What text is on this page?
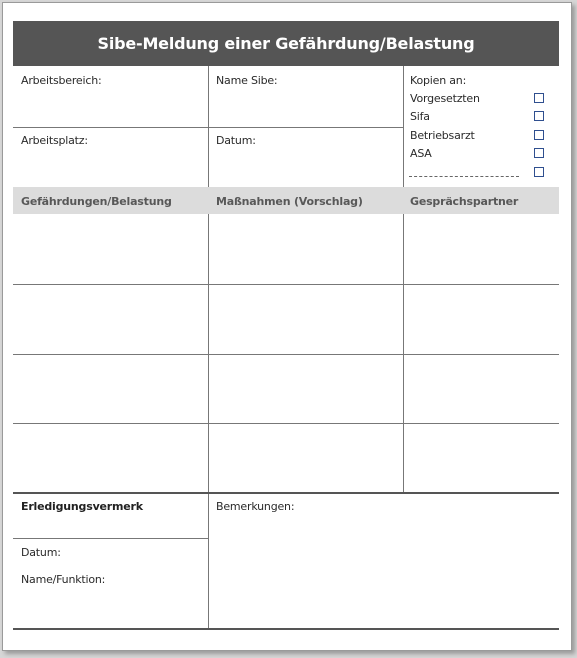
Sibe-Meldung einer Gefährdung/Belastung
Arbeitsbereich:	Name Sibe:
Arbeitsplatz:	Datum:
Kopien an:
Vorgesetzten
Sifa
Betriebsarzt
ASA
Gefährdungen/Belastung	Maßnahmen (Vorschlag)	Gesprächspartner
Erledigungsvermerk
Datum:
Name/Funktion:
Bemerkungen:
